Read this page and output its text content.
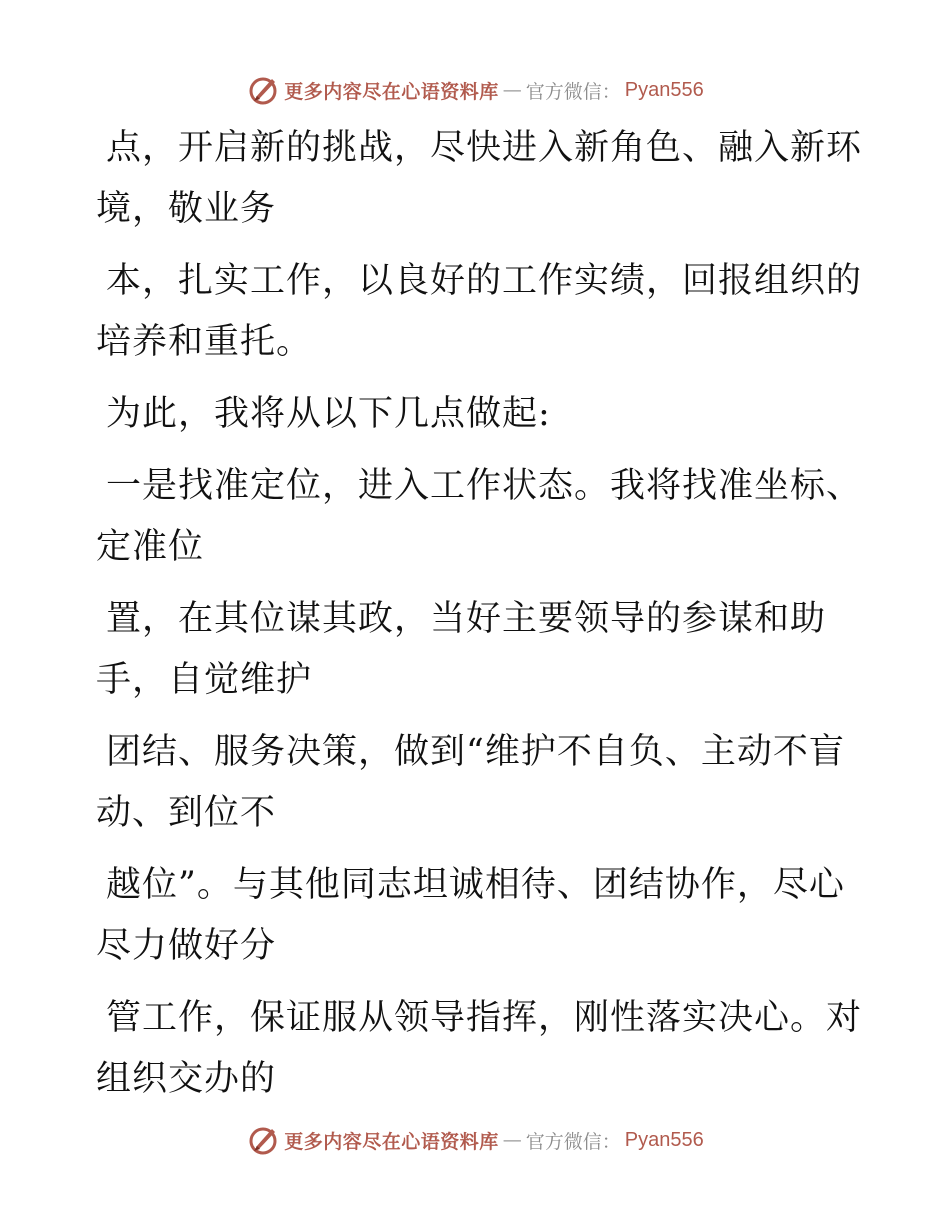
更多内容尽在心语资料库 — 官方微信： Pyan556

点，开启新的挑战，尽快进入新角色、融入新环
境，敬业务

本，扎实工作，以良好的工作实绩，回报组织的
培养和重托。

为此，我将从以下几点做起:

一是找准定位，进入工作状态。我将找准坐标、
定准位

置，在其位谋其政，当好主要领导的参谋和助
手，自觉维护

团结、服务决策，做到“维护不自负、主动不盲
动、到位不

越位”。与其他同志坦诚相待、团结协作，尽心
尽力做好分

管工作，保证服从领导指挥，刚性落实决心。对
组织交办的

更多内容尽在心语资料库 — 官方微信： Pyan556
